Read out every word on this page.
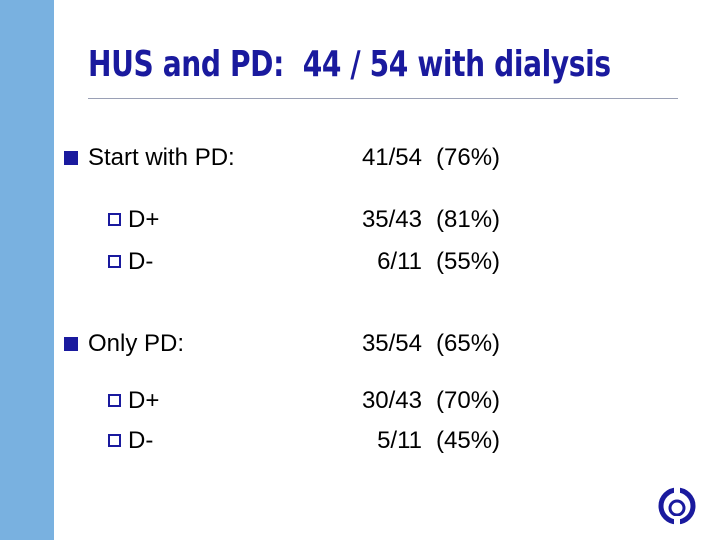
HUS and PD:  44 / 54 with dialysis
Start with PD:	41/54 (76%)
D+	35/43 (81%)
D-	6/11 (55%)
Only PD:	35/54 (65%)
D+	30/43 (70%)
D-	5/11 (45%)
